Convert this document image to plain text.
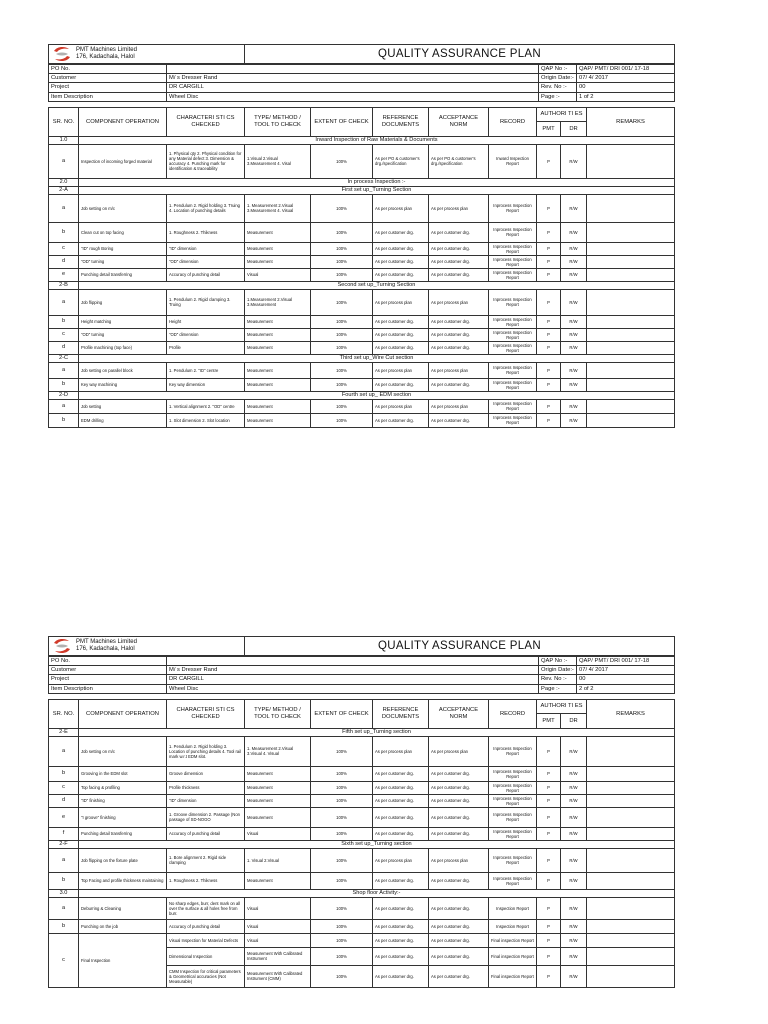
PMT Machines Limited
176, Kadachala, Halol	QUALITY ASSURANCE PLAN

PO No.		QAP No :-	QAP/ PMT/ DRI 001/ 17-18
Customer	M/ s Dresser Rand	Origin Date:-	07/ 4/ 2017
Project	DR CARGILL	Rev. No :-	00
Item Description	Wheel Disc	Page :-	1 of 2
SR. NO.	COMPONENT OPERATION	CHARACTERI STI CS CHECKED	TYPE/ METHOD / TOOL TO CHECK	EXTENT OF CHECK	REFERENCE DOCUMENTS	ACCEPTANCE NORM	RECORD	AUTHORI TI ES		REMARKS
								PMT	DR	
1.0	Inward Inspection of Raw Materials & Documents									
a	Inspection of incoming forged material	1. Physical qty 2. Physical condition for any Material defect 3. Dimension & accuracy 4. Punching mark for identification & traceability	1.Visual 2.Visual 3.Measurement 4. Visal	100%	As per PO & customer's drg./specification	As per PO & customer's drg./specification	Inward Inspection Report	P	R/W	
2.0	In process Inspection :-									
2-A	First set up_Turning Section									
a	Job setting on m/c	1. Pendulum 2. Rigid holding 3. Truing 4. Location of punching details	1. Measurement 2.Visual 3.Measurement 4. Visual	100%	As per process plan	As per process plan	Inprocess Inspection Report	P	R/W	
b	Clean cut on top facing	1. Roughness 2. Thikness	Measurement	100%	As per customer drg.	As per customer drg.	Inprocess Inspection Report	P	R/W	
c	"ID" rough Boring	"ID" dimension	Measurement	100%	As per customer drg.	As per customer drg.	Inprocess Inspection Report	P	R/W	
d	"OD" turning	"OD" dimension	Measurement	100%	As per customer drg.	As per customer drg.	Inprocess Inspection Report	P	R/W	
e	Punching detail transferring	Accuracy of punching detail	Visual	100%	As per customer drg.	As per customer drg.	Inprocess Inspection Report	P	R/W	
2-B	Second set up_Turning Section									
a	Job flipping	1. Pendulum 2. Rigid clamping 3. Truing	1.Measurement 2.Visual 3.Measurement	100%	As per process plan	As per process plan	Inprocess Inspection Report	P	R/W	
b	Height matching	Height	Measurement	100%	As per customer drg.	As per customer drg.	Inprocess Inspection Report	P	R/W	
c	"OD" turning	"OD" dimension	Measurement	100%	As per customer drg.	As per customer drg.	Inprocess Inspection Report	P	R/W	
d	Profile machining (top face)	Profile	Measurement	100%	As per customer drg.	As per customer drg.	Inprocess Inspection Report	P	R/W	
2-C	Third set up_Wire Cut section									
a	Job setting on parallel block	1. Pendulum 2. "ID" centre	Measurement	100%	As per process plan	As per process plan	Inprocess Inspection Report	P	R/W	
b	Key way machining	Key way dimension	Measurement	100%	As per customer drg.	As per customer drg.	Inprocess Inspection Report	P	R/W	
2-D	Fourth set up_ EDM section									
a	Job setting	1. Vertical alignment 2. "OD" centre	Measurement	100%	As per process plan	As per process plan	Inprocess Inspection Report	P	R/W	
b	EDM drilling	1. Slot dimension 2. Slot location	Measurement	100%	As per customer drg.	As per customer drg.	Inprocess Inspection Report	P	R/W	
PMT Machines Limited
176, Kadachala, Halol	QUALITY ASSURANCE PLAN

PO No.		QAP No :-	QAP/ PMT/ DRI 001/ 17-18
Customer	M/ s Dresser Rand	Origin Date:-	07/ 4/ 2017
Project	DR CARGILL	Rev. No :-	00
Item Description	Wheel Disc	Page :-	2 of 2
SR. NO.	COMPONENT OPERATION	CHARACTERI STI CS CHECKED	TYPE/ METHOD / TOOL TO CHECK	EXTENT OF CHECK	REFERENCE DOCUMENTS	ACCEPTANCE NORM	RECORD	AUTHORI TI ES		REMARKS
								PMT	DR	
2-E	Fifth set up_Turning section									
a	Job setting on m/c	1. Pendulum 2. Rigid holding 3. Location of punching details 4. Tool rail mark w.r.t EDM slot.	1. Measurement 2.Visual 3.Visual 4. Visual	100%	As per process plan	As per process plan	Inprocess Inspection Report	P	R/W	
b	Grooving in the EDM slot	Groove dimension	Measurement	100%	As per customer drg.	As per customer drg.	Inprocess Inspection Report	P	R/W	
c	Top facing & profiling	Profile thickness	Measurement	100%	As per customer drg.	As per customer drg.	Inprocess Inspection Report	P	R/W	
d	"ID" finishing	"ID" dimension	Measurement	100%	As per customer drg.	As per customer drg.	Inprocess Inspection Report	P	R/W	
e	"I groove" finishing	1. Groove dimension 2. Passage (Non passage of SD-NOGO	Measurement	100%	As per customer drg.	As per customer drg.	Inprocess Inspection Report	P	R/W	
f	Punching detail transferring	Accuracy of punching detail	Visual	100%	As per customer drg.	As per customer drg.	Inprocess Inspection Report	P	R/W	
2-F	Sixth set up_Turning section									
a	Job flipping on the fixture plate	1. Bore alignment 2. Rigid side clamping	1. Visual 2.Visual	100%	As per process plan	As per process plan	Inprocess Inspection Report	P	R/W	
b	Top Facing and profile thickness maintaining	1. Roughness 2. Thikness	Measurement	100%	As per customer drg.	As per customer drg.	Inprocess Inspection Report	P	R/W	
3.0	Shop floor Activity:-									
a	Deburring & Cleaning	No sharp edges, burr, dent mark on all over the surface & all holes free from burr.	Visual	100%	As per customer drg.	As per customer drg.	Inspection Report	P	R/W	
b	Punching on the job	Accuracy of punching detail	Visual	100%	As per customer drg.	As per customer drg.	Inspection Report	P	R/W	
c	Final Inspection	Visual Inspection for Material Defects	Visual	100%	As per customer drg.	As per customer drg.	Final inspection Report	P	R/W	
		Dimensional Inspection	Measurement With Calibrated Instrument	100%	As per customer drg.	As per customer drg.	Final inspection Report	P	R/W	
		CMM Inspection for critical parameters & Geometrical accuracies (Not Measurable)	Measurement With Calibrated Instrument (CMM)	100%	As per customer drg.	As per customer drg.	Final inspection Report	P	R/W	
